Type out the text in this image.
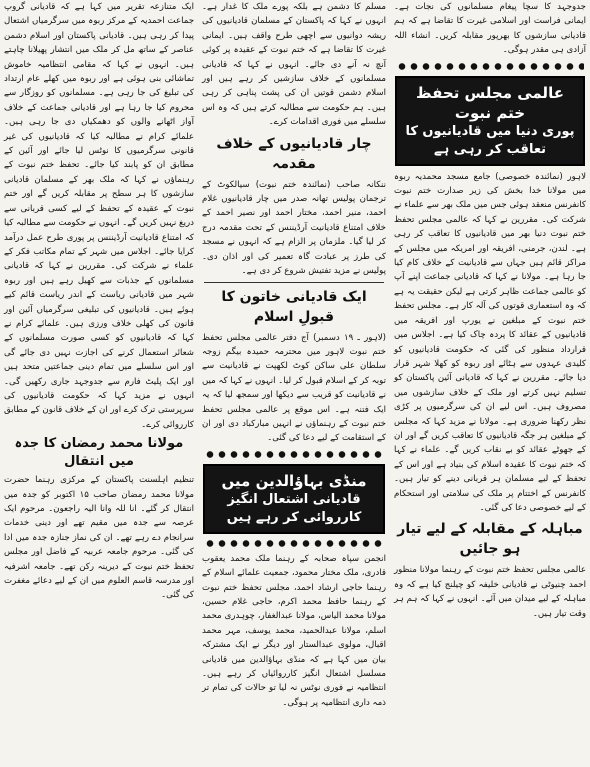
جدوجہد کا سچا پیغام مسلمانوں کی نجات ہے۔ ایمانی فراست اور اسلامی غیرت کا تقاضا ہے کہ ہم قادیانی سازشوں کا بھرپور مقابلہ کریں۔ انشاء اللہ آزادی ہی مقدر ہوگی۔

عالمی مجلس تحفظ ختم نبوت
پوری دنیا میں قادیانیوں کا تعاقب کر رہی ہے

لاہور (نمائندہ خصوصی) جامع مسجد محمدیہ ربوہ میں مولانا خدا بخش کی زیر صدارت ختم نبوت کانفرنس منعقد ہوئی جس میں ملک بھر سے علماء نے شرکت کی۔ مقررین نے کہا کہ عالمی مجلس تحفظ ختم نبوت دنیا بھر میں قادیانیوں کا تعاقب کر رہی ہے۔ لندن، جرمنی، افریقہ اور امریکہ میں مجلس کے مراکز قائم ہیں جہاں سے قادیانیت کے خلاف کام کیا جا رہا ہے۔ مولانا نے کہا کہ قادیانی جماعت اپنے آپ کو عالمی جماعت ظاہر کرتی ہے لیکن حقیقت یہ ہے کہ وہ استعماری قوتوں کی آلہ کار ہے۔ مجلس تحفظ ختم نبوت کے مبلغین نے یورپ اور افریقہ میں قادیانیوں کے عقائد کا پردہ چاک کیا ہے۔ اجلاس میں قرارداد منظور کی گئی کہ حکومت قادیانیوں کو کلیدی عہدوں سے ہٹائے اور ربوہ کو کھلا شہر قرار دیا جائے۔ مقررین نے کہا کہ قادیانی آئین پاکستان کو تسلیم نہیں کرتے اور ملک کے خلاف سازشوں میں مصروف ہیں۔ اس لیے ان کی سرگرمیوں پر کڑی نظر رکھنا ضروری ہے۔ مولانا نے مزید کہا کہ مجلس کے مبلغین ہر جگہ قادیانیوں کا تعاقب کریں گے اور ان کے جھوٹے عقائد کو بے نقاب کریں گے۔ علماء نے کہا کہ ختم نبوت کا عقیدہ اسلام کی بنیاد ہے اور اس کے تحفظ کے لیے مسلمان ہر قربانی دینے کو تیار ہیں۔ کانفرنس کے اختتام پر ملک کی سلامتی اور استحکام کے لیے خصوصی دعا کی گئی۔

مباہلہ کے مقابلہ کے لیے تیار ہو جائیں

عالمی مجلس تحفظ ختم نبوت کے رہنما مولانا منظور احمد چنیوٹی نے قادیانی خلیفہ کو چیلنج کیا ہے کہ وہ مباہلہ کے لیے میدان میں آئے۔ انہوں نے کہا کہ ہم ہر وقت تیار ہیں۔

مسلم کا دشمن ہے بلکہ پورے ملک کا غدار ہے۔ انہوں نے کہا کہ پاکستان کے مسلمان قادیانیوں کی ریشہ دوانیوں سے اچھی طرح واقف ہیں۔ ایمانی غیرت کا تقاضا ہے کہ ختم نبوت کے عقیدہ پر کوئی آنچ نہ آنے دی جائے۔ انہوں نے کہا کہ قادیانی مسلمانوں کے خلاف سازشیں کر رہے ہیں اور اسلام دشمن قوتیں ان کی پشت پناہی کر رہی ہیں۔ ہم حکومت سے مطالبہ کرتے ہیں کہ وہ اس سلسلے میں فوری اقدامات کرے۔

چار قادیانیوں کے خلاف مقدمہ

ننکانہ صاحب (نمائندہ ختم نبوت) سیالکوٹ کے ترجمان پولیس تھانہ صدر میں چار قادیانیوں غلام احمد، منیر احمد، مختار احمد اور نصیر احمد کے خلاف امتناع قادیانیت آرڈیننس کے تحت مقدمہ درج کر لیا گیا۔ ملزمان پر الزام ہے کہ انہوں نے مسجد کی طرز پر عبادت گاہ تعمیر کی اور اذان دی۔ پولیس نے مزید تفتیش شروع کر دی ہے۔

ایک قادیانی خاتون کا قبولِ اسلام

(لاہور ـ ۱۹ دسمبر) آج دفتر عالمی مجلس تحفظ ختم نبوت لاہور میں محترمہ حمیدہ بیگم زوجہ سلطان علی ساکن کوٹ لکھپت نے قادیانیت سے توبہ کر کے اسلام قبول کر لیا۔ انہوں نے کہا کہ میں نے قادیانیت کو قریب سے دیکھا اور سمجھ لیا کہ یہ ایک فتنہ ہے۔ اس موقع پر عالمی مجلس تحفظ ختم نبوت کے رہنماؤں نے انہیں مبارکباد دی اور ان کے استقامت کے لیے دعا کی گئی۔

منڈی بہاؤالدین میں
قادیانی اشتعال انگیز کارروائی کر رہے ہیں

انجمن سپاہ صحابہ کے رہنما ملک محمد یعقوب قادری، ملک مختار محمود، جمعیت علمائے اسلام کے رہنما حاجی ارشاد احمد، مجلس تحفظ ختم نبوت کے رہنما حافظ محمد اکرم، حاجی غلام حسین، مولانا محمد الیاس، مولانا عبدالغفار، چوہدری محمد اسلم، مولانا عبدالحمید، محمد یوسف، مہر محمد اقبال، مولوی عبدالستار اور دیگر نے ایک مشترکہ بیان میں کہا ہے کہ منڈی بہاؤالدین میں قادیانی مسلسل اشتعال انگیز کارروائیاں کر رہے ہیں۔ انتظامیہ نے فوری نوٹس نہ لیا تو حالات کی تمام تر ذمہ داری انتظامیہ پر ہوگی۔

ایک متنازعہ تقریر میں کہا ہے کہ قادیانی گروپ جماعت احمدیہ کے مرکز ربوہ میں سرگرمیاں اشتعال پیدا کر رہی ہیں۔ قادیانی پاکستان اور اسلام دشمن عناصر کے ساتھ مل کر ملک میں انتشار پھیلانا چاہتے ہیں۔ انہوں نے کہا کہ مقامی انتظامیہ خاموش تماشائی بنی ہوئی ہے اور ربوہ میں کھلے عام ارتداد کی تبلیغ کی جا رہی ہے۔ مسلمانوں کو روزگار سے محروم کیا جا رہا ہے اور قادیانی جماعت کے خلاف آواز اٹھانے والوں کو دھمکیاں دی جا رہی ہیں۔ علمائے کرام نے مطالبہ کیا کہ قادیانیوں کی غیر قانونی سرگرمیوں کا نوٹس لیا جائے اور آئین کے مطابق ان کو پابند کیا جائے۔ تحفظ ختم نبوت کے رہنماؤں نے کہا کہ ملک بھر کے مسلمان قادیانی سازشوں کا ہر سطح پر مقابلہ کریں گے اور ختم نبوت کے عقیدہ کے تحفظ کے لیے کسی قربانی سے دریغ نہیں کریں گے۔ انہوں نے حکومت سے مطالبہ کیا کہ امتناع قادیانیت آرڈیننس پر پوری طرح عمل درآمد کرایا جائے۔ اجلاس میں شہر کے تمام مکاتب فکر کے علماء نے شرکت کی۔ مقررین نے کہا کہ قادیانی مسلمانوں کے جذبات سے کھیل رہے ہیں اور ربوہ شہر میں قادیانی ریاست کے اندر ریاست قائم کیے ہوئے ہیں۔ قادیانیوں کی تبلیغی سرگرمیاں آئین اور قانون کی کھلی خلاف ورزی ہیں۔ علمائے کرام نے کہا کہ قادیانیوں کو کسی صورت مسلمانوں کے شعائر استعمال کرنے کی اجازت نہیں دی جائے گی اور اس سلسلے میں تمام دینی جماعتیں متحد ہیں اور ایک پلیٹ فارم سے جدوجہد جاری رکھیں گی۔ انہوں نے مزید کہا کہ حکومت قادیانیوں کی سرپرستی ترک کرے اور ان کے خلاف قانون کے مطابق کارروائی کرے۔

مولانا محمد رمضان کا جدہ میں انتقال

تنظیم اہلسنت پاکستان کے مرکزی رہنما حضرت مولانا محمد رمضان صاحب ۱۵ اکتوبر کو جدہ میں انتقال کر گئے۔ انا للہ وانا الیہ راجعون۔ مرحوم ایک عرصہ سے جدہ میں مقیم تھے اور دینی خدمات سرانجام دے رہے تھے۔ ان کی نماز جنازہ جدہ میں ادا کی گئی۔ مرحوم جامعہ عربیہ کے فاضل اور مجلس تحفظ ختم نبوت کے دیرینہ رکن تھے۔ جامعہ اشرفیہ اور مدرسہ قاسم العلوم میں ان کے لیے دعائے مغفرت کی گئی۔
